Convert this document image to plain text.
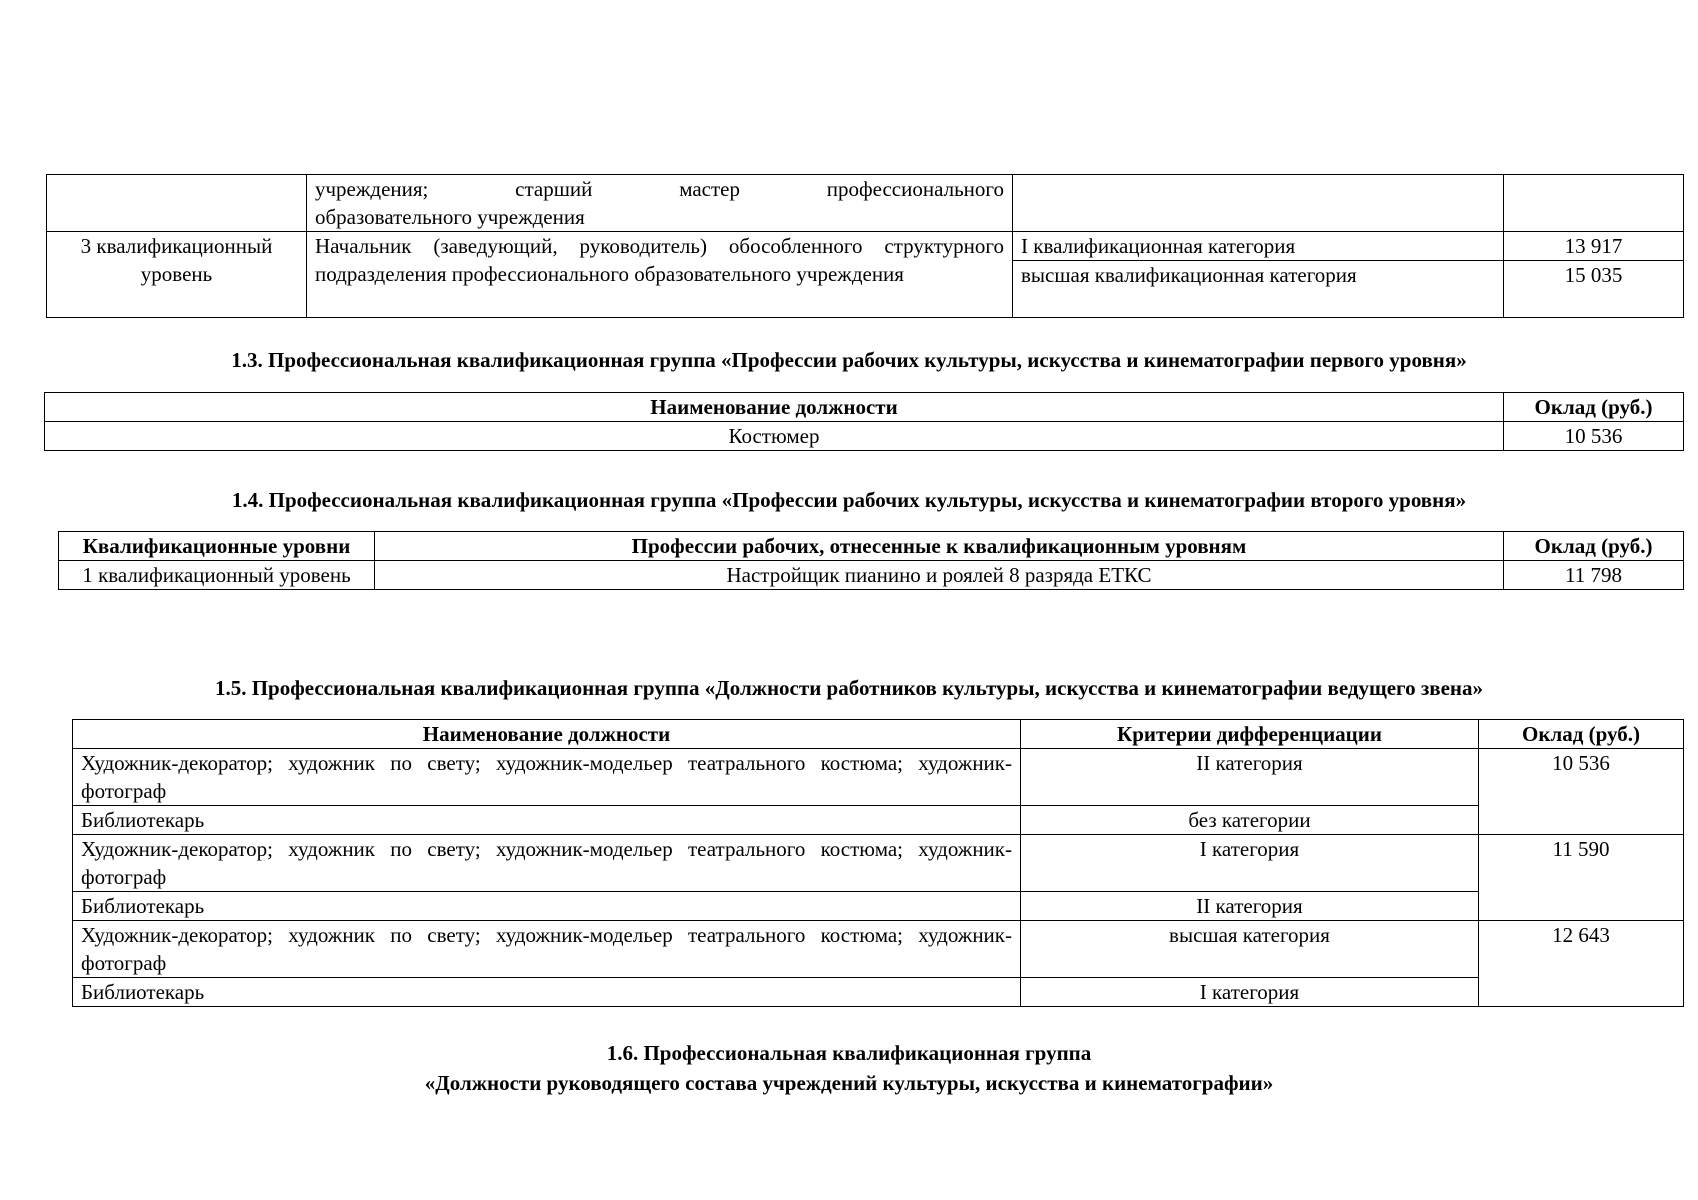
	учреждения; старший мастер профессионального
образовательного учреждения		

3 квалификационный уровень	Начальник (заведующий, руководитель) обособленного структурного подразделения профессионального образовательного учреждения	I квалификационная категория	13 917
		высшая квалификационная категория	15 035
1.3. Профессиональная квалификационная группа «Профессии рабочих культуры, искусства и кинематографии первого уровня»
Наименование должности	Оклад (руб.)
Костюмер	10 536
1.4. Профессиональная квалификационная группа «Профессии рабочих культуры, искусства и кинематографии второго уровня»
Квалификационные уровни	Профессии рабочих, отнесенные к квалификационным уровням	Оклад (руб.)
1 квалификационный уровень	Настройщик пианино и роялей 8 разряда ЕТКС	11 798
1.5. Профессиональная квалификационная группа «Должности работников культуры, искусства и кинематографии ведущего звена»
Наименование должности	Критерии дифференциации	Оклад (руб.)
Художник-декоратор; художник по свету; художник-модельер театрального костюма; художник-фотограф	II категория	10 536
Библиотекарь	без категории	
Художник-декоратор; художник по свету; художник-модельер театрального костюма; художник-фотограф	I категория	11 590
Библиотекарь	II категория	
Художник-декоратор; художник по свету; художник-модельер театрального костюма; художник-фотограф	высшая категория	12 643
Библиотекарь	I категория	
1.6. Профессиональная квалификационная группа
«Должности руководящего состава учреждений культуры, искусства и кинематографии»
